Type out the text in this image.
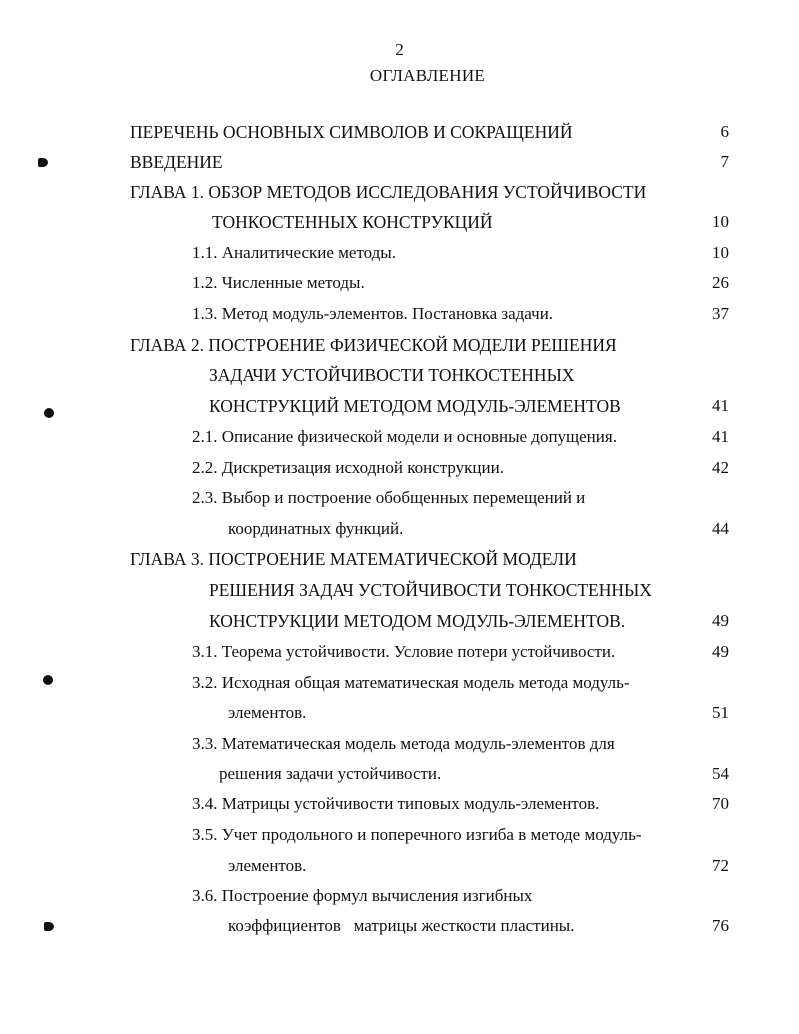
2
ОГЛАВЛЕНИЕ
ПЕРЕЧЕНЬ ОСНОВНЫХ СИМВОЛОВ И СОКРАЩЕНИЙ	6
ВВЕДЕНИЕ	7
ГЛАВА 1. ОБЗОР МЕТОДОВ ИССЛЕДОВАНИЯ УСТОЙЧИВОСТИ
ТОНКОСТЕННЫХ КОНСТРУКЦИЙ	10
1.1. Аналитические методы.	10
1.2. Численные методы.	26
1.3. Метод модуль-элементов. Постановка задачи.	37
ГЛАВА 2. ПОСТРОЕНИЕ ФИЗИЧЕСКОЙ МОДЕЛИ РЕШЕНИЯ
ЗАДАЧИ УСТОЙЧИВОСТИ ТОНКОСТЕННЫХ
КОНСТРУКЦИЙ МЕТОДОМ МОДУЛЬ-ЭЛЕМЕНТОВ	41
2.1. Описание физической модели и основные допущения.	41
2.2. Дискретизация исходной конструкции.	42
2.3. Выбор и построение обобщенных перемещений и
координатных функций.	44
ГЛАВА 3. ПОСТРОЕНИЕ МАТЕМАТИЧЕСКОЙ МОДЕЛИ
РЕШЕНИЯ ЗАДАЧ УСТОЙЧИВОСТИ ТОНКОСТЕННЫХ
КОНСТРУКЦИИ МЕТОДОМ МОДУЛЬ-ЭЛЕМЕНТОВ.	49
3.1. Теорема устойчивости. Условие потери устойчивости.	49
3.2. Исходная общая математическая модель метода модуль-
элементов.	51
3.3. Математическая модель метода модуль-элементов для
решения задачи устойчивости.	54
3.4. Матрицы устойчивости типовых модуль-элементов.	70
3.5. Учет продольного и поперечного изгиба в методе модуль-
элементов.	72
3.6. Построение формул вычисления изгибных
коэффициентов   матрицы жесткости пластины.	76
